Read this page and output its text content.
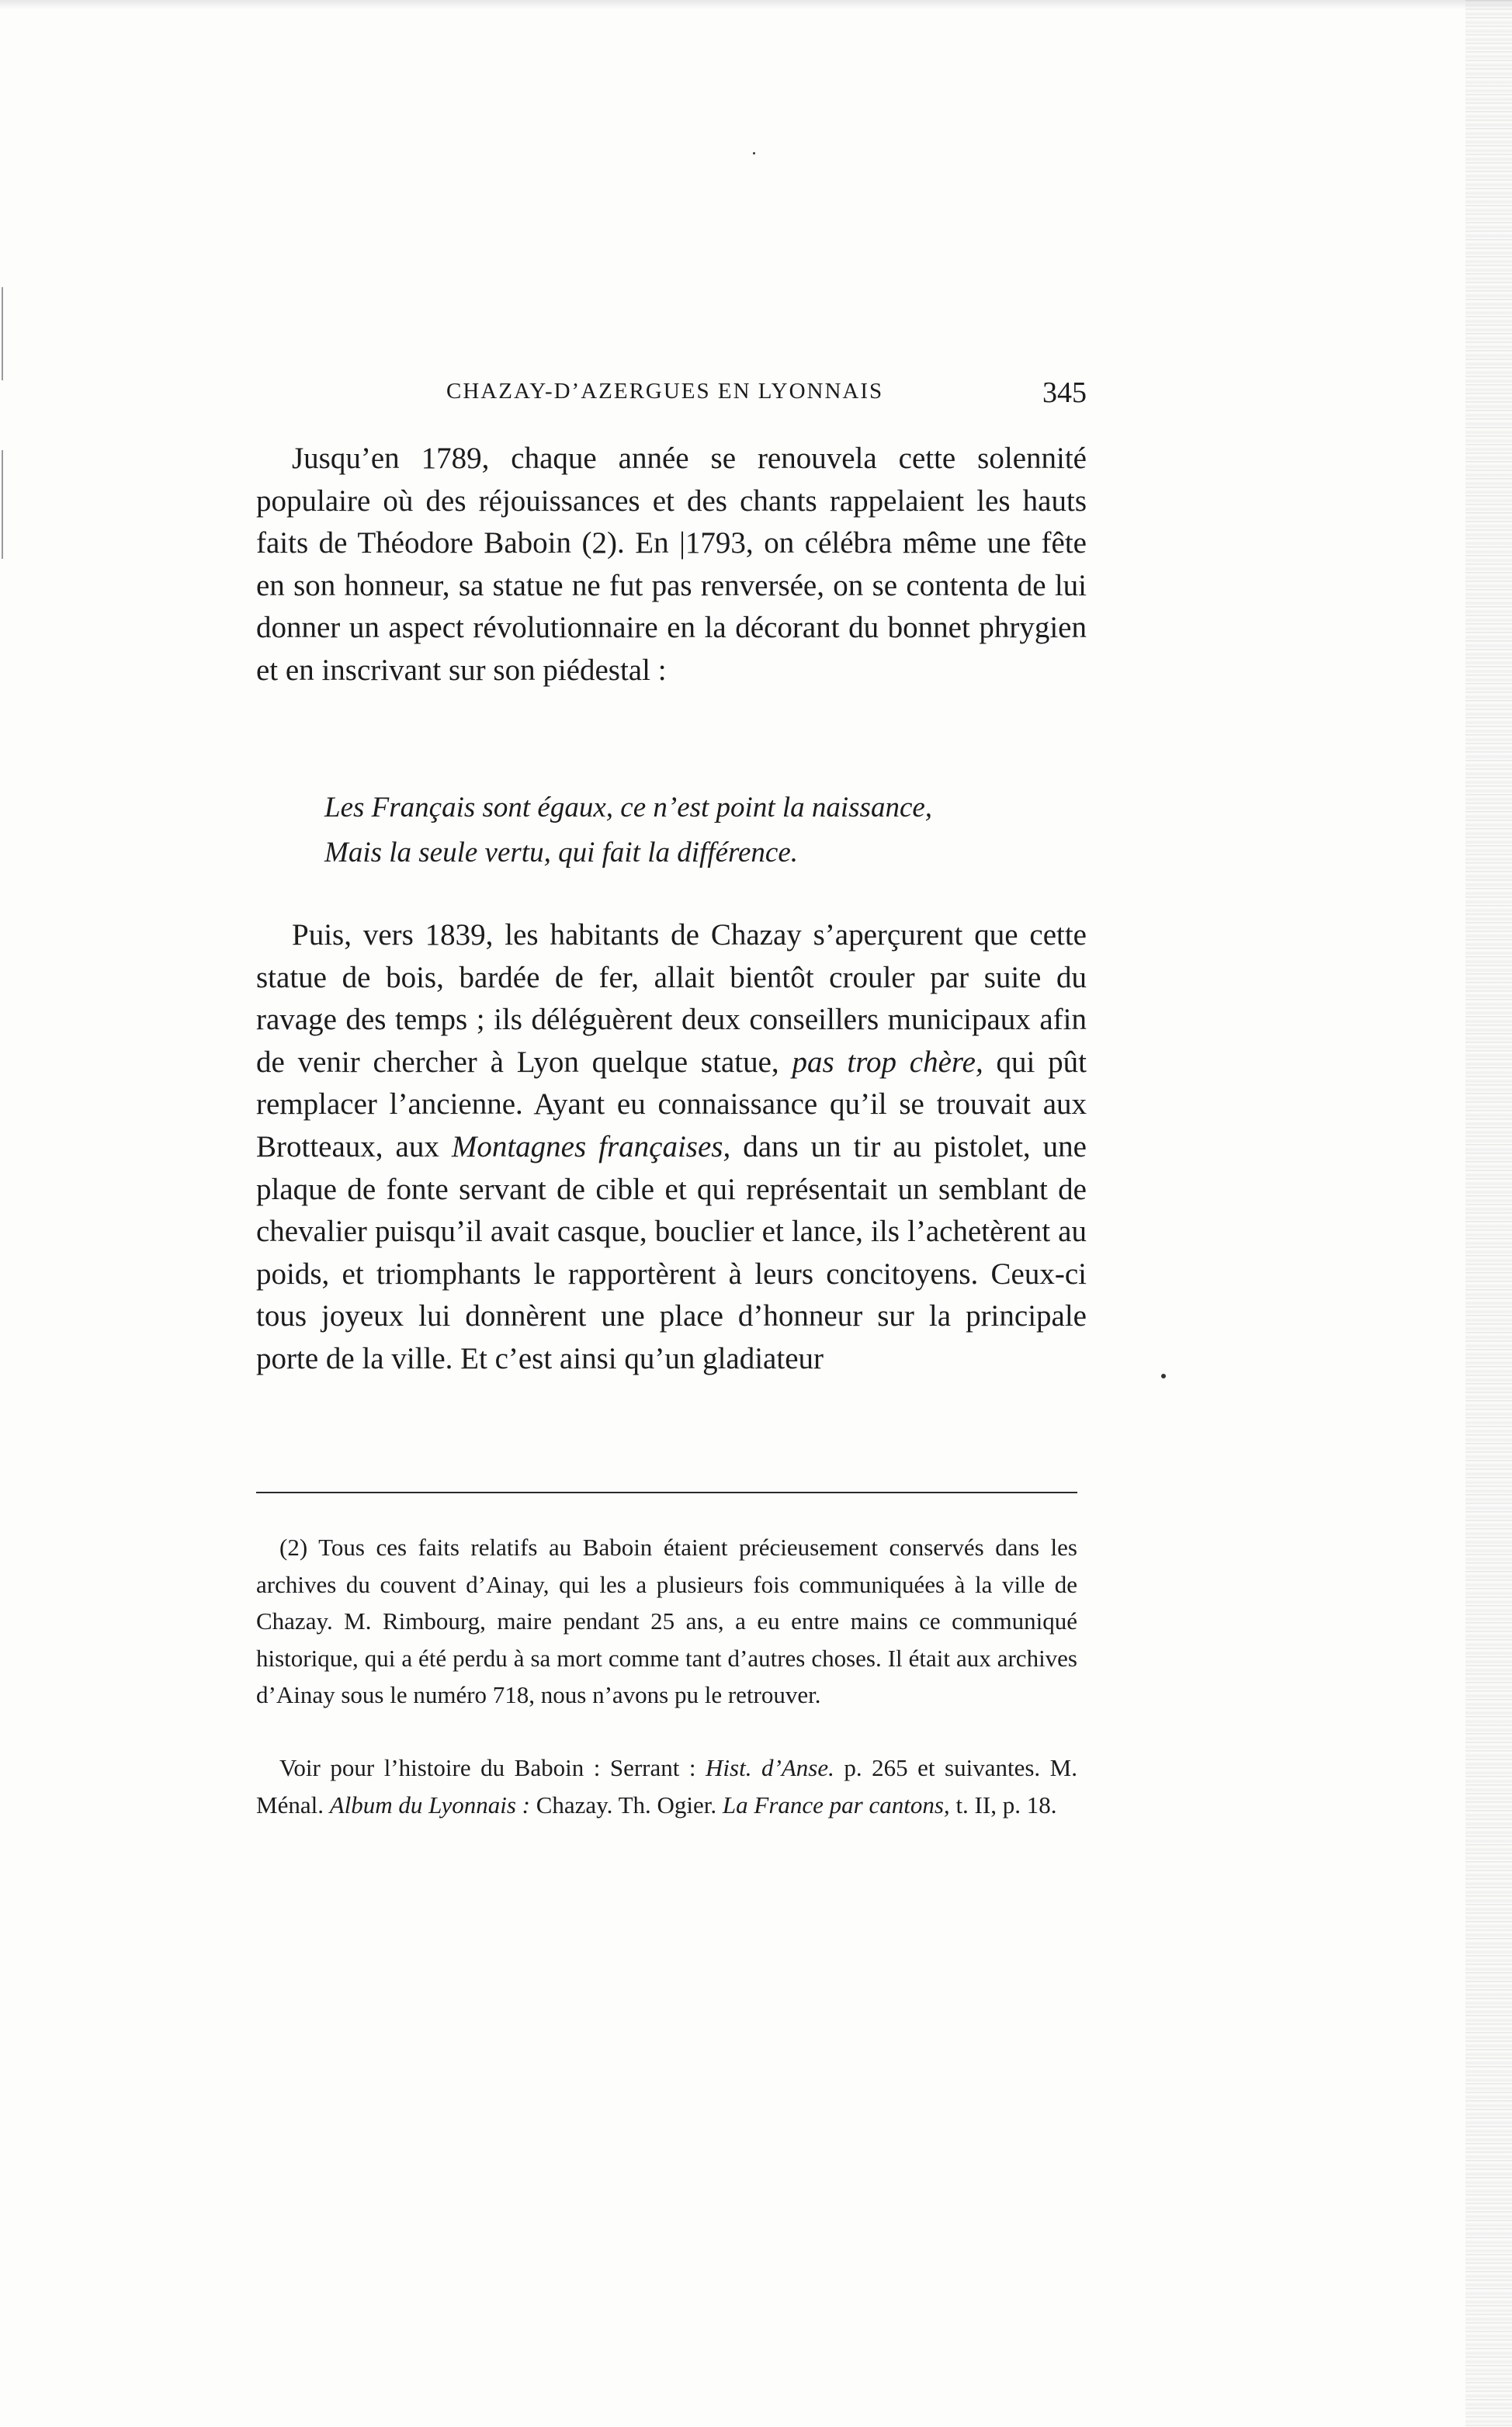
CHAZAY-D’AZERGUES EN LYONNAIS	345

Jusqu’en 1789, chaque année se renouvela cette solennité populaire où des réjouissances et des chants rappelaient les hauts faits de Théodore Baboin (2). En |1793, on célébra même une fête en son honneur, sa statue ne fut pas renversée, on se contenta de lui donner un aspect révolutionnaire en la décorant du bonnet phrygien et en inscrivant sur son piédestal :

Les Français sont égaux, ce n’est point la naissance,
Mais la seule vertu, qui fait la différence.

Puis, vers 1839, les habitants de Chazay s’aperçurent que cette statue de bois, bardée de fer, allait bientôt crouler par suite du ravage des temps ; ils déléguèrent deux conseillers municipaux afin de venir chercher à Lyon quelque statue, pas trop chère, qui pût remplacer l’ancienne. Ayant eu connaissance qu’il se trouvait aux Brotteaux, aux Montagnes françaises, dans un tir au pistolet, une plaque de fonte servant de cible et qui représentait un semblant de chevalier puisqu’il avait casque, bouclier et lance, ils l’achetèrent au poids, et triomphants le rapportèrent à leurs concitoyens. Ceux-ci tous joyeux lui donnèrent une place d’honneur sur la principale porte de la ville. Et c’est ainsi qu’un gladiateur

(2) Tous ces faits relatifs au Baboin étaient précieusement conservés dans les archives du couvent d’Ainay, qui les a plusieurs fois communiquées à la ville de Chazay. M. Rimbourg, maire pendant 25 ans, a eu entre mains ce communiqué historique, qui a été perdu à sa mort comme tant d’autres choses. Il était aux archives d’Ainay sous le numéro 718, nous n’avons pu le retrouver.

Voir pour l’histoire du Baboin : Serrant : Hist. d’Anse. p. 265 et suivantes. M. Ménal. Album du Lyonnais : Chazay. Th. Ogier. La France par cantons, t. II, p. 18.
